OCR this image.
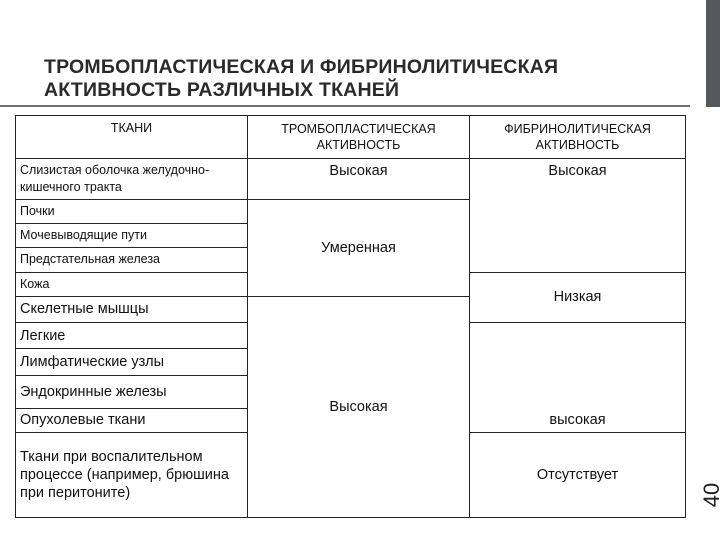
ТРОМБОПЛАСТИЧЕСКАЯ И ФИБРИНОЛИТИЧЕСКАЯ
АКТИВНОСТЬ РАЗЛИЧНЫХ ТКАНЕЙ
40
ТКАНИ	ТРОМБОПЛАСТИЧЕСКАЯ АКТИВНОСТЬ	ФИБРИНОЛИТИЧЕСКАЯ АКТИВНОСТЬ
Слизистая оболочка желудочно-кишечного тракта	Высокая	Высокая
Почки	Умеренная	
Мочевыводящие пути		
Предстательная железа		
Кожа		Низкая
Скелетные мышцы	Высокая	
Легкие		высокая
Лимфатические узлы		
Эндокринные железы		
Опухолевые ткани		
Ткани при воспалительном процессе (например, брюшина при перитоните)		Отсутствует
